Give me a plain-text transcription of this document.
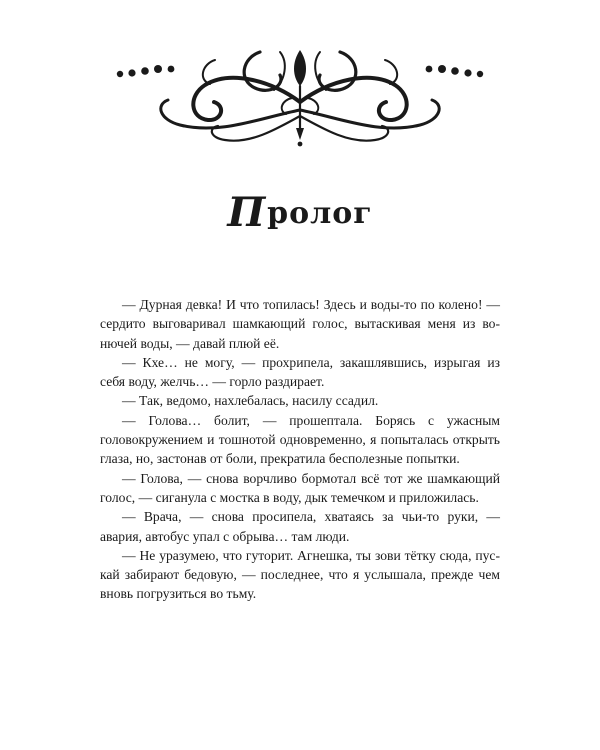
Пролог

— Дурная девка! И что топилась! Здесь и воды-то по колено! — сердито выговаривал шамкающий голос, вытаскивая меня из вонючей воды, — давай плюй её.

— Кхе… не могу, — прохрипела, закашлявшись, изрыгая из себя воду, желчь… — горло раздирает.

— Так, ведомо, нахлебалась, насилу ссадил.

— Голова… болит, — прошептала. Борясь с ужасным головокружением и тошнотой одновременно, я попыталась открыть глаза, но, застонав от боли, прекратила бесполезные попытки.

— Голова, — снова ворчливо бормотал всё тот же шамкающий голос, — сиганула с мостка в воду, дык темечком и приложилась.

— Врача, — снова просипела, хватаясь за чьи-то руки, — авария, автобус упал с обрыва… там люди.

— Не уразумею, что гуторит. Агнешка, ты зови тётку сюда, пускай забирают бедовую, — последнее, что я услышала, прежде чем вновь погрузиться во тьму.
